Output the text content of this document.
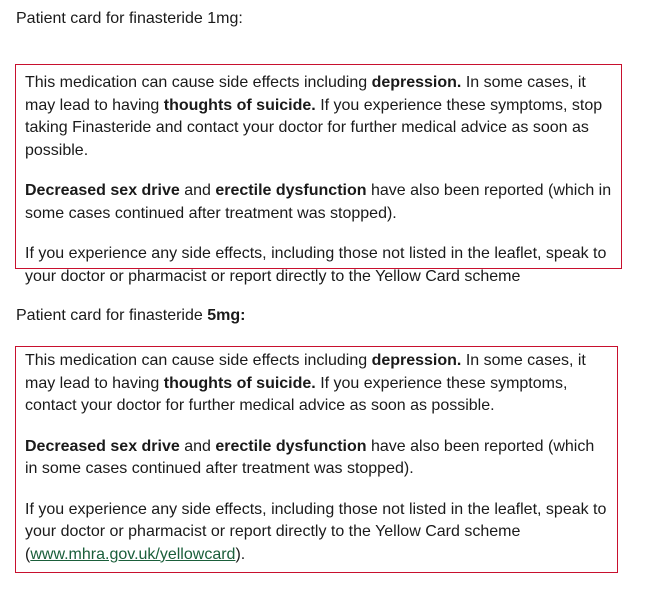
Patient card for finasteride 1mg:

This medication can cause side effects including depression. In some cases, it may lead to having thoughts of suicide. If you experience these symptoms, stop taking Finasteride and contact your doctor for further medical advice as soon as possible.

Decreased sex drive and erectile dysfunction have also been reported (which in some cases continued after treatment was stopped).

If you experience any side effects, including those not listed in the leaflet, speak to your doctor or pharmacist or report directly to the Yellow Card scheme

Patient card for finasteride 5mg:

This medication can cause side effects including depression. In some cases, it may lead to having thoughts of suicide. If you experience these symptoms, contact your doctor for further medical advice as soon as possible.

Decreased sex drive and erectile dysfunction have also been reported (which in some cases continued after treatment was stopped).

If you experience any side effects, including those not listed in the leaflet, speak to your doctor or pharmacist or report directly to the Yellow Card scheme (www.mhra.gov.uk/yellowcard).
